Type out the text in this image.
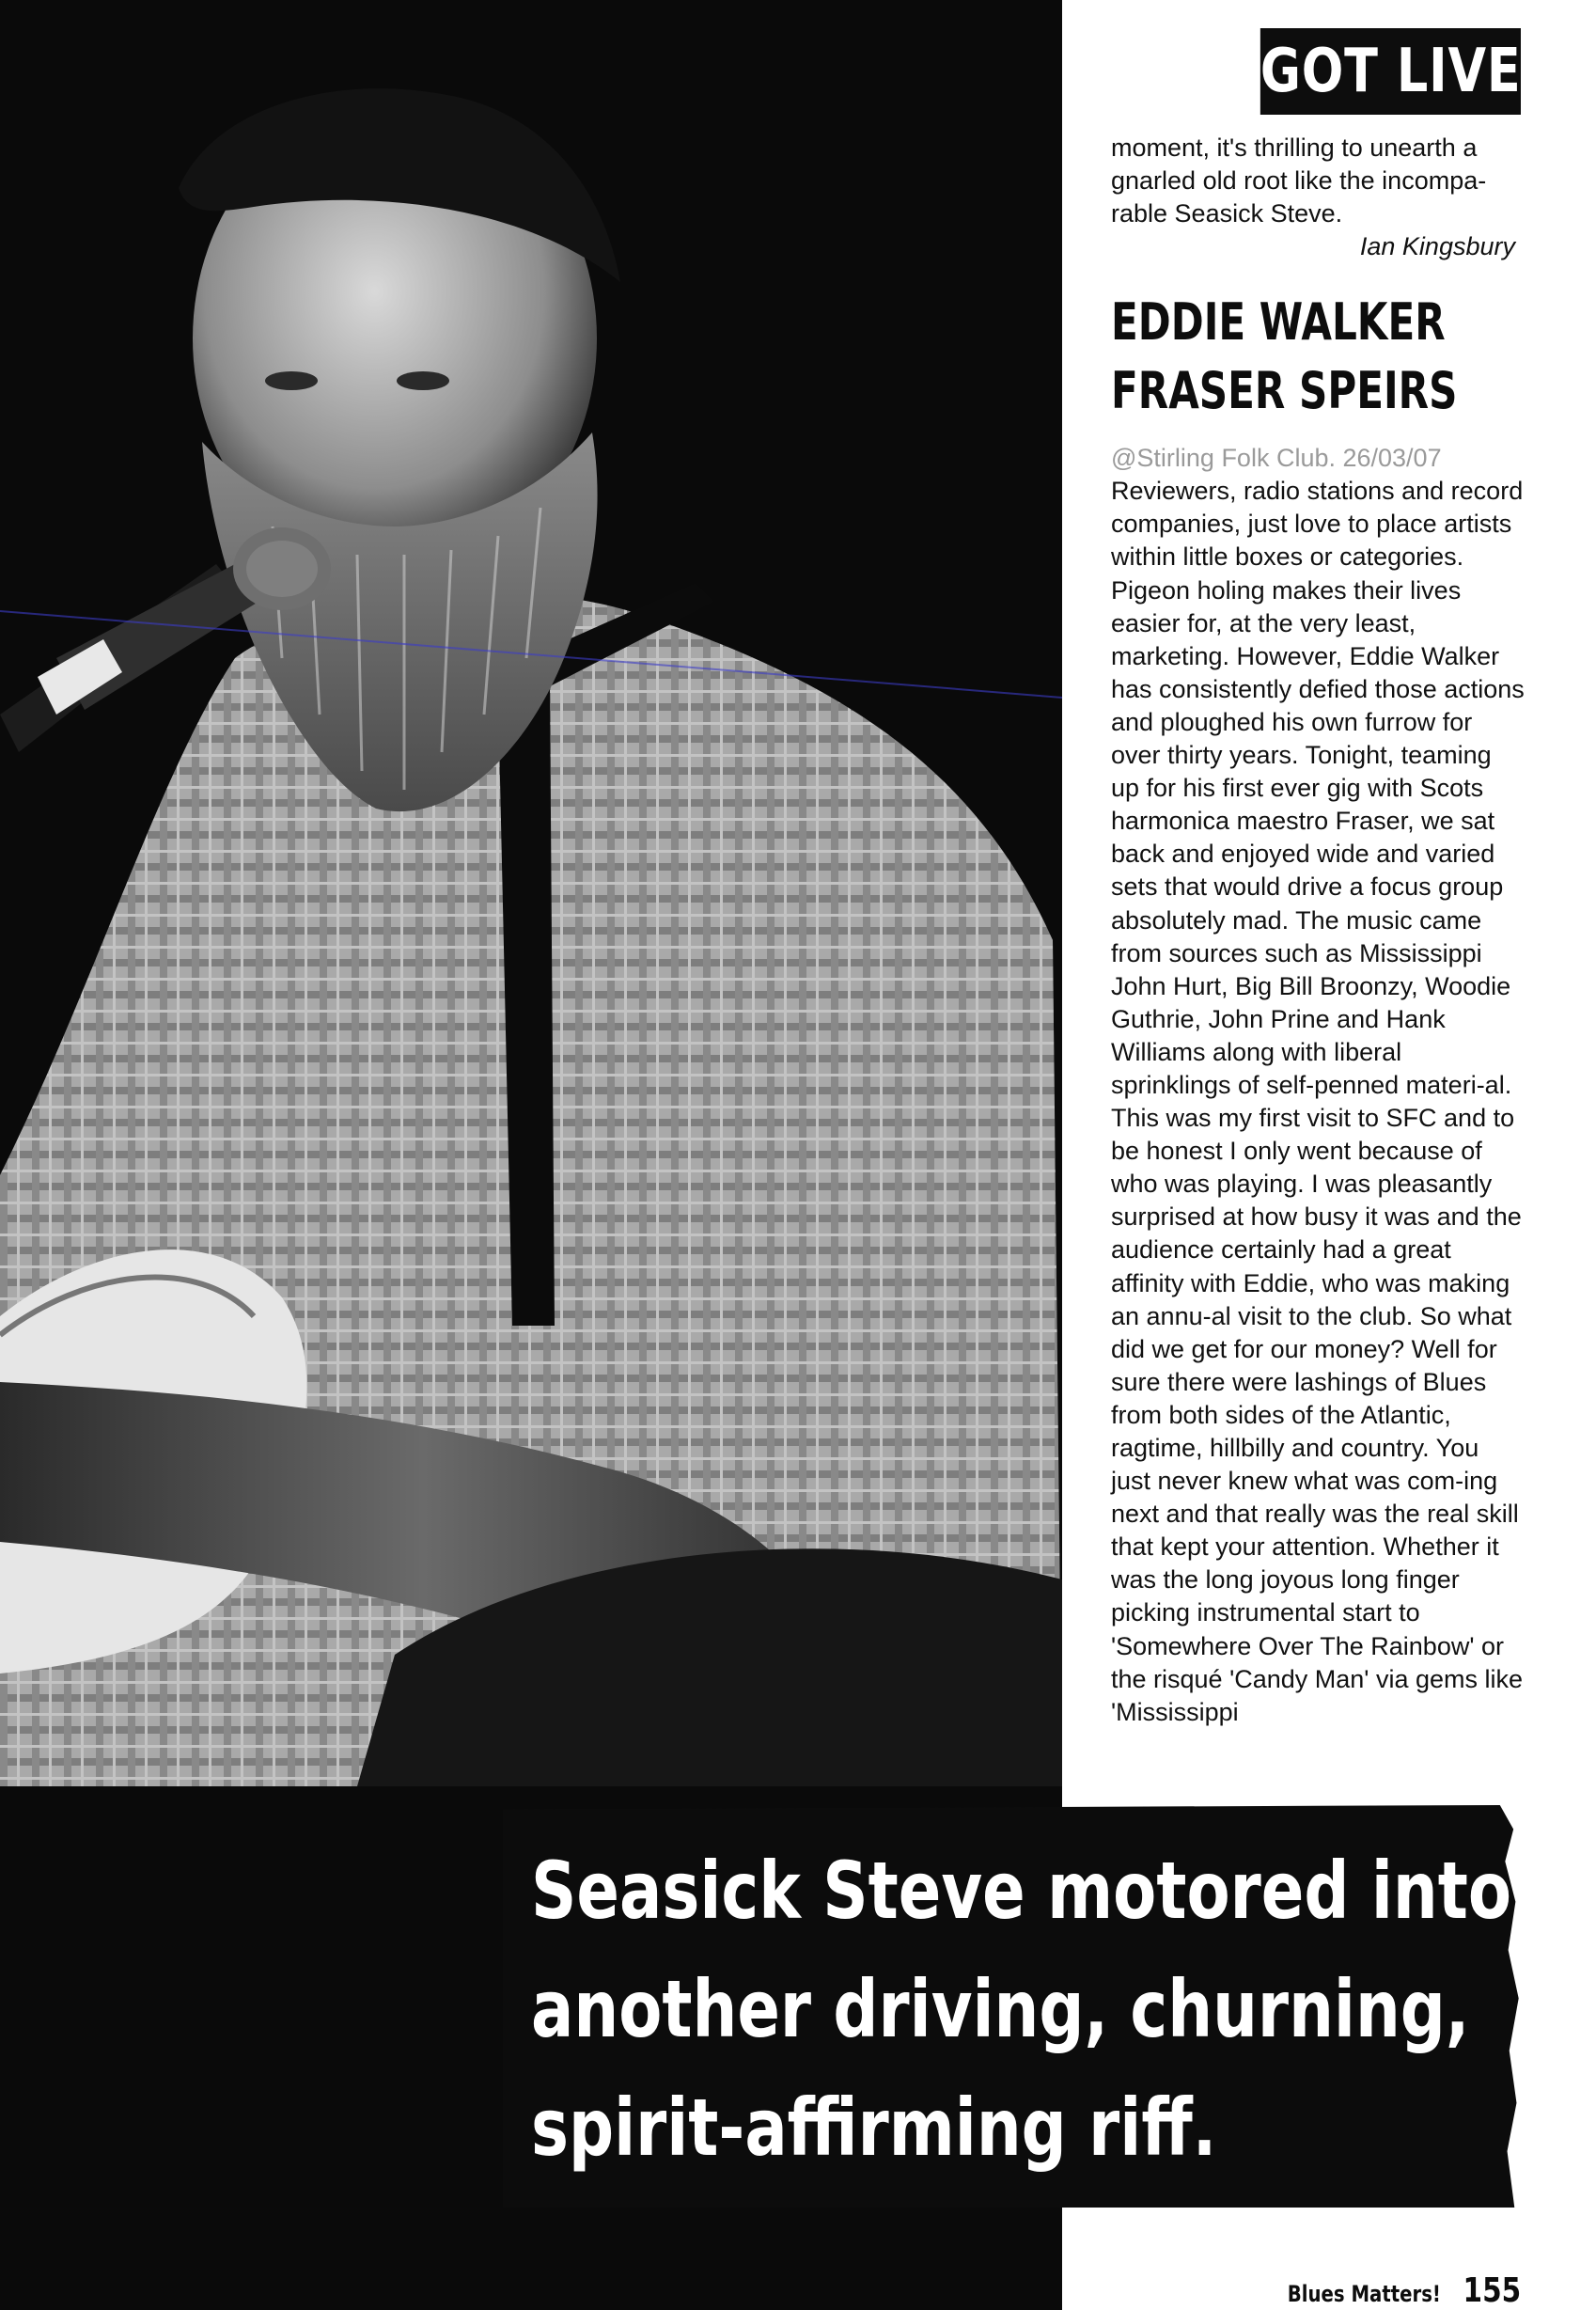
GOT LIVE

moment, it's thrilling to unearth a gnarled old root like the incompa-rable Seasick Steve.

Ian Kingsbury

EDDIE WALKER
FRASER SPEIRS

@Stirling Folk Club. 26/03/07

Reviewers, radio stations and record companies, just love to place artists within little boxes or categories. Pigeon holing makes their lives easier for, at the very least, marketing. However, Eddie Walker has consistently defied those actions and ploughed his own furrow for over thirty years. Tonight, teaming up for his first ever gig with Scots harmonica maestro Fraser, we sat back and enjoyed wide and varied sets that would drive a focus group absolutely mad. The music came from sources such as Mississippi John Hurt, Big Bill Broonzy, Woodie Guthrie, John Prine and Hank Williams along with liberal sprinklings of self-penned materi-al. This was my first visit to SFC and to be honest I only went because of who was playing. I was pleasantly surprised at how busy it was and the audience certainly had a great affinity with Eddie, who was making an annu-al visit to the club. So what did we get for our money? Well for sure there were lashings of Blues from both sides of the Atlantic, ragtime, hillbilly and country. You just never knew what was com-ing next and that really was the real skill that kept your attention. Whether it was the long joyous long finger picking instrumental start to 'Somewhere Over The Rainbow' or the risqué 'Candy Man' via gems like 'Mississippi

Seasick Steve motored into
another driving, churning,
spirit-affirming riff.
Blues Matters! 155
